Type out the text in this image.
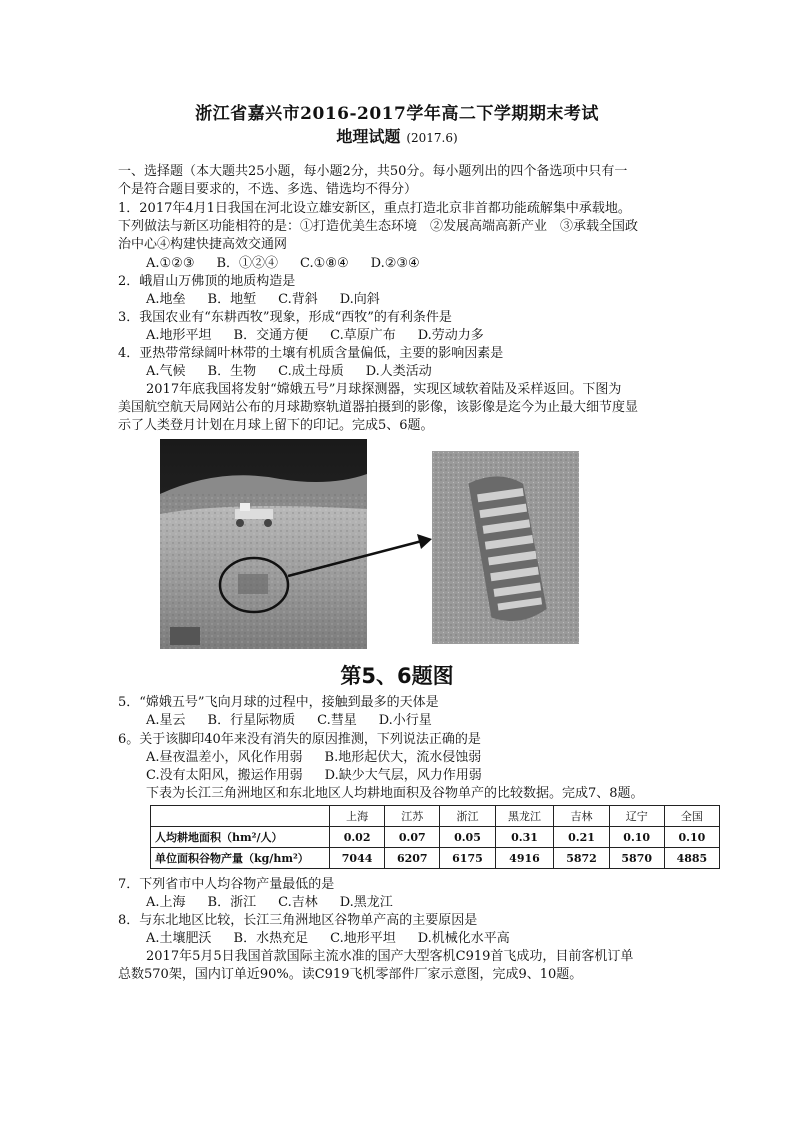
浙江省嘉兴市2016-2017学年高二下学期期末考试
地理试题 (2017.6)
一、选择题（本大题共25小题，每小题2分，共50分。每小题列出的四个备选项中只有一
个是符合题目要求的，不选、多选、错选均不得分）
1．2017年4月1日我国在河北设立雄安新区，重点打造北京非首都功能疏解集中承载地。
下列做法与新区功能相符的是：①打造优美生态环境　②发展高端高新产业　③承载全国政
治中心④构建快捷高效交通网
A.①②③ B．①②④ C.①⑧④ D.②③④
2．峨眉山万佛顶的地质构造是
A.地垒 B．地堑 C.背斜 D.向斜
3．我国农业有“东耕西牧”现象，形成“西牧”的有利条件是
A.地形平坦 B．交通方便 C.草原广布 D.劳动力多
4．亚热带常绿阔叶林带的土壤有机质含量偏低，主要的影响因素是
A.气候 B．生物 C.成土母质 D.人类活动
2017年底我国将发射“嫦娥五号”月球探测器，实现区域软着陆及采样返回。下图为
美国航空航天局网站公布的月球勘察轨道器拍摄到的影像，该影像是迄今为止最大细节度显
示了人类登月计划在月球上留下的印记。完成5、6题。
第5、6题图
5．“嫦娥五号”飞向月球的过程中，接触到最多的天体是
A.星云 B．行星际物质 C.彗星 D.小行星
6。关于该脚印40年来没有消失的原因推测，下列说法正确的是
A.昼夜温差小，风化作用弱 B.地形起伏大，流水侵蚀弱
C.没有太阳风，搬运作用弱 D.缺少大气层，风力作用弱
下表为长江三角洲地区和东北地区人均耕地面积及谷物单产的比较数据。完成7、8题。
	上海	江苏	浙江	黑龙江	吉林	辽宁	全国
人均耕地面积（hm²/人）	0.02	0.07	0.05	0.31	0.21	0.10	0.10
单位面积谷物产量（kg/hm²）	7044	6207	6175	4916	5872	5870	4885
7．下列省市中人均谷物产量最低的是
A.上海 B．浙江 C.吉林 D.黑龙江
8．与东北地区比较，长江三角洲地区谷物单产高的主要原因是
A.土壤肥沃 B．水热充足 C.地形平坦 D.机械化水平高
2017年5月5日我国首款国际主流水准的国产大型客机C919首飞成功，目前客机订单
总数570架，国内订单近90%。读C919飞机零部件厂家示意图，完成9、10题。
